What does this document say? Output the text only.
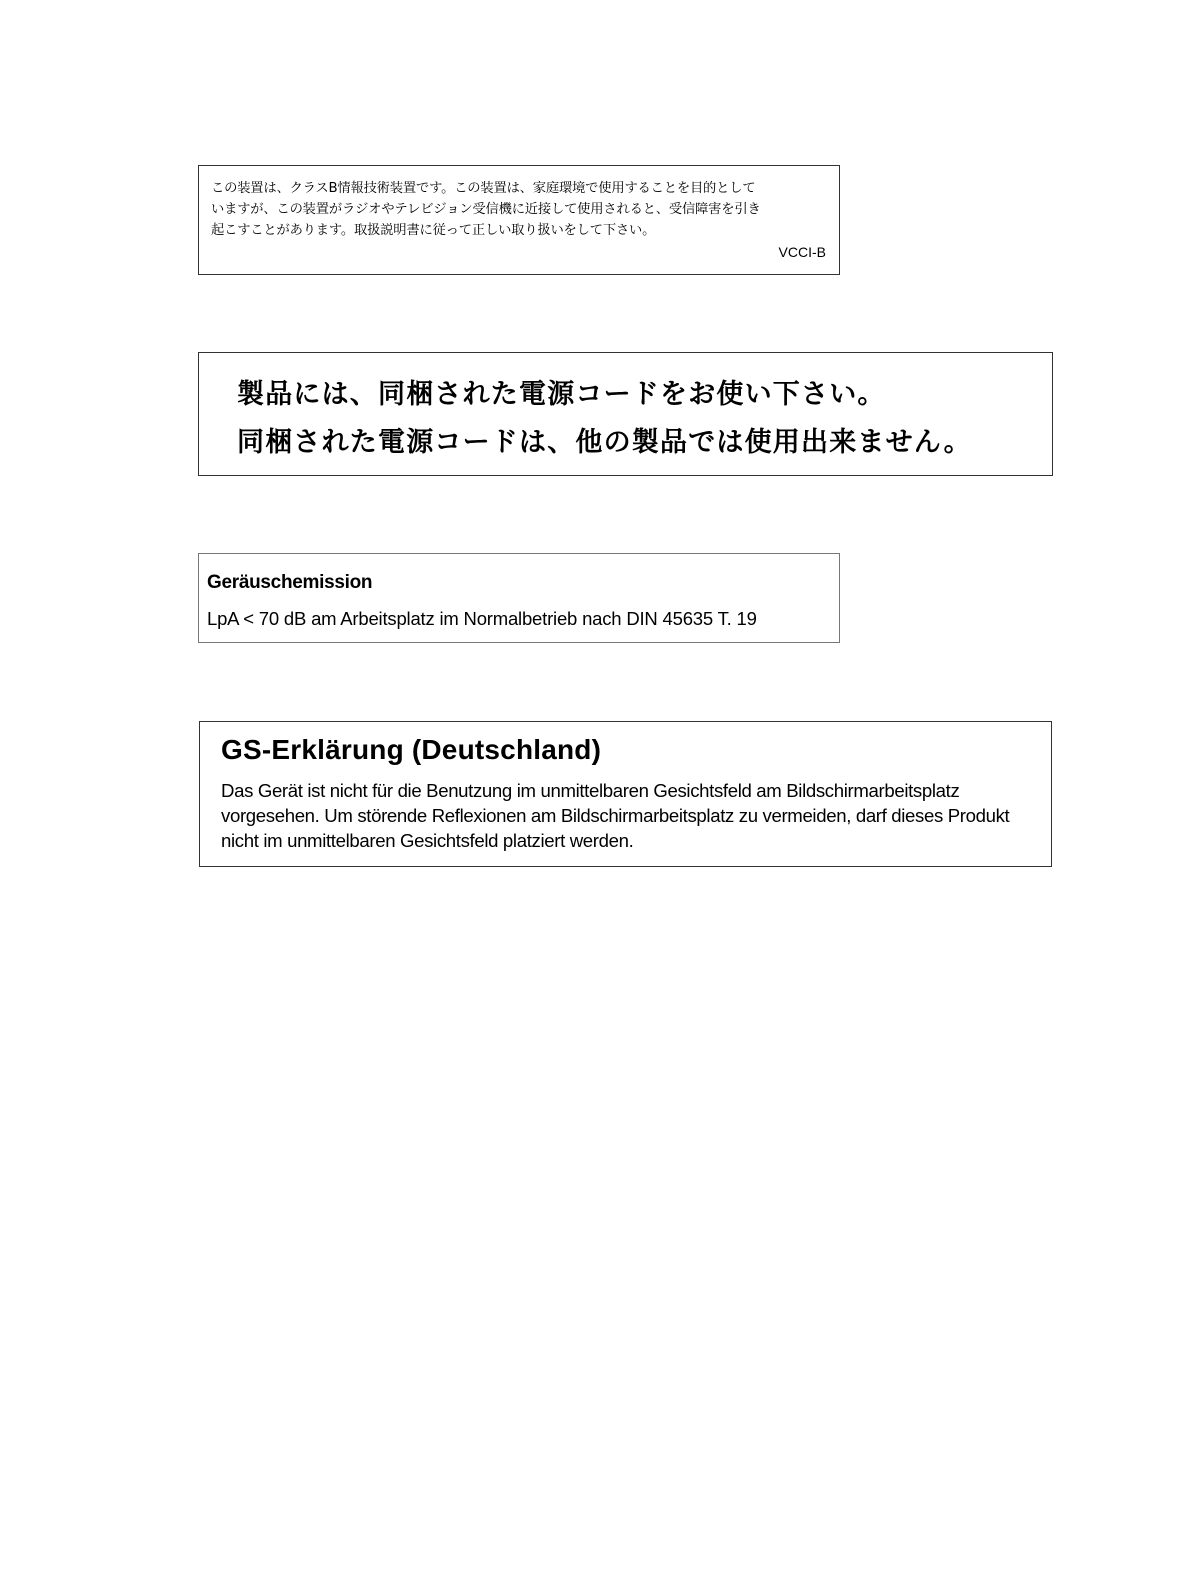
この装置は、クラスB情報技術装置です。この装置は、家庭環境で使用することを目的として
いますが、この装置がラジオやテレビジョン受信機に近接して使用されると、受信障害を引き
起こすことがあります。取扱説明書に従って正しい取り扱いをして下さい。
VCCI-B
製品には、同梱された電源コードをお使い下さい。
同梱された電源コードは、他の製品では使用出来ません。
Geräuschemission
LpA < 70 dB am Arbeitsplatz im Normalbetrieb nach DIN 45635 T. 19
GS-Erklärung (Deutschland)
Das Gerät ist nicht für die Benutzung im unmittelbaren Gesichtsfeld am Bildschirmarbeitsplatz
vorgesehen. Um störende Reflexionen am Bildschirmarbeitsplatz zu vermeiden, darf dieses Produkt
nicht im unmittelbaren Gesichtsfeld platziert werden.
